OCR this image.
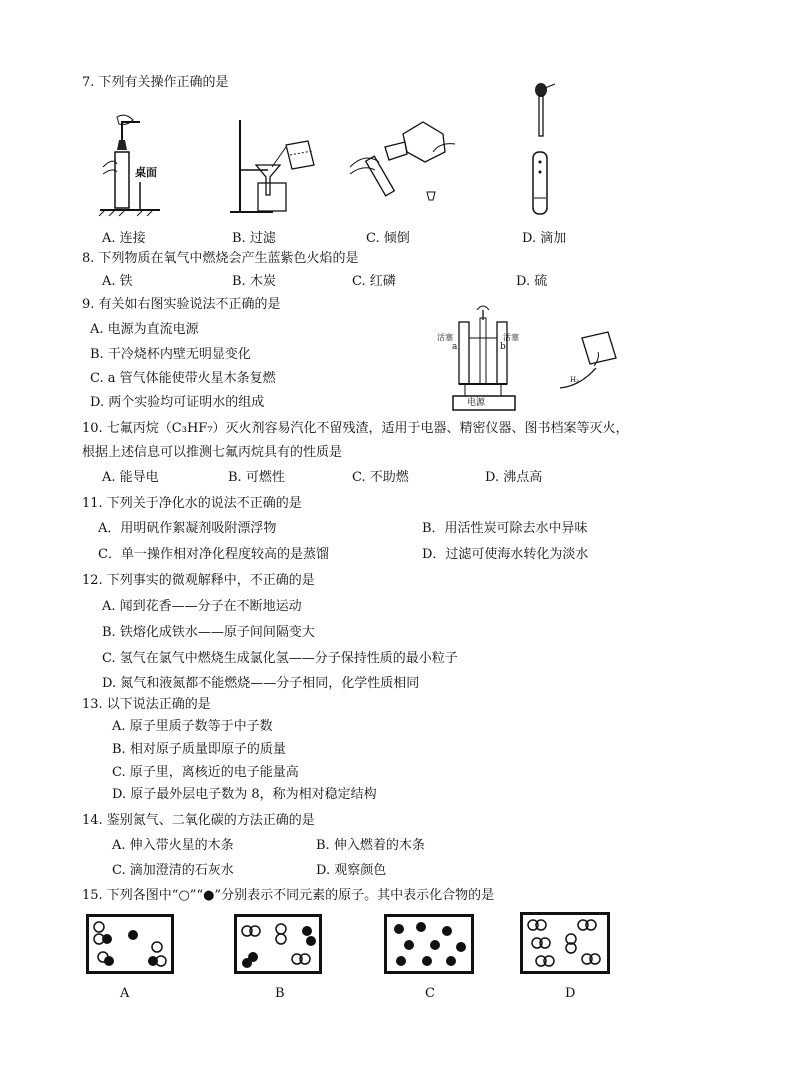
7. 下列有关操作正确的是
桌面
A. 连接	B. 过滤	C. 倾倒	D. 滴加
8. 下列物质在氧气中燃烧会产生蓝紫色火焰的是
A. 铁	B. 木炭	C. 红磷	D. 硫
9. 有关如右图实验说法不正确的是
A. 电源为直流电源
B. 干冷烧杯内壁无明显变化
C. a 管气体能使带火星木条复燃
D. 两个实验均可证明水的组成
活塞	活塞
a	b
电源
H₂
10. 七氟丙烷（C₃HF₇）灭火剂容易汽化不留残渣，适用于电器、精密仪器、图书档案等灭火，
根据上述信息可以推测七氟丙烷具有的性质是
A. 能导电	B. 可燃性	C. 不助燃	D. 沸点高
11. 下列关于净化水的说法不正确的是
A．用明矾作絮凝剂吸附漂浮物	B．用活性炭可除去水中异味
C．单一操作相对净化程度较高的是蒸馏	D．过滤可使海水转化为淡水
12. 下列事实的微观解释中，不正确的是
A. 闻到花香——分子在不断地运动
B. 铁熔化成铁水——原子间间隔变大
C. 氢气在氯气中燃烧生成氯化氢——分子保持性质的最小粒子
D. 氮气和液氮都不能燃烧——分子相同，化学性质相同
13. 以下说法正确的是
A. 原子里质子数等于中子数
B. 相对原子质量即原子的质量
C. 原子里，离核近的电子能量高
D. 原子最外层电子数为 8，称为相对稳定结构
14. 鉴别氮气、二氧化碳的方法正确的是
A. 伸入带火星的木条	B. 伸入燃着的木条
C. 滴加澄清的石灰水	D. 观察颜色
15. 下列各图中“○”“●”分别表示不同元素的原子。其中表示化合物的是
A	B	C	D
